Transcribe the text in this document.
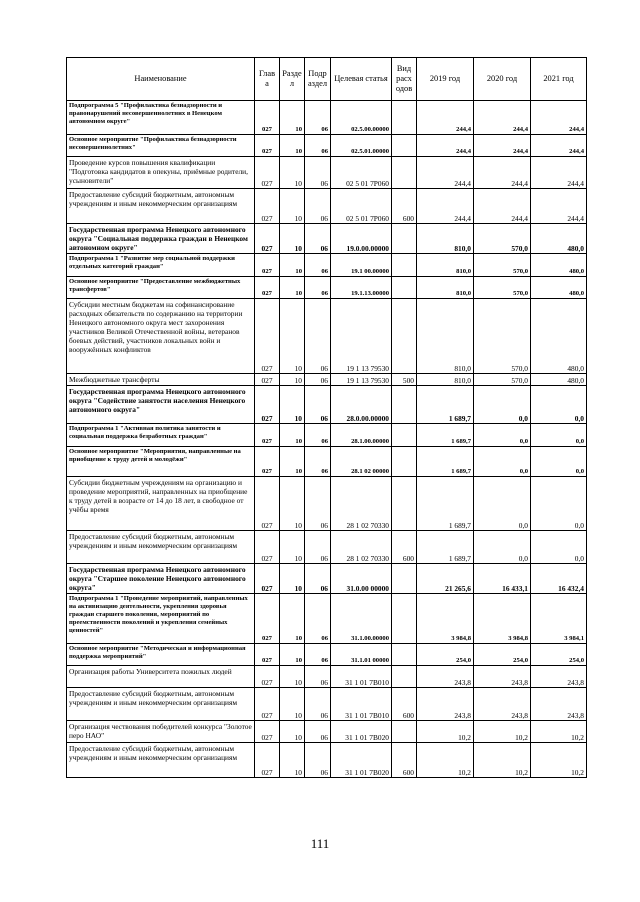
Наименование	Глав а	Разде л	Подр аздел	Целевая статья	Вид расх одов	2019 год	2020 год	2021 год
Подпрограмма 5 "Профилактика безнадзорности и правонарушений несовершеннолетних в Ненецком автономном округе"	027	10	06	02.5.00.00000		244,4	244,4	244,4
Основное мероприятие "Профилактика безнадзорности несовершеннолетних"	027	10	06	02.5.01.00000		244,4	244,4	244,4
Проведение курсов повышения квалификации "Подготовка кандидатов в опекуны, приёмные родители, усыновители"	027	10	06	02 5 01 7Р060		244,4	244,4	244,4
Предоставление субсидий бюджетным, автономным учреждениям и иным некоммерческим организациям	027	10	06	02 5 01 7Р060	600	244,4	244,4	244,4
Государственная программа Ненецкого автономного округа "Социальная поддержка граждан в Ненецком автономном округе"	027	10	06	19.0.00.00000		810,0	570,0	480,0
Подпрограмма 1 "Развитие мер социальной поддержки отдельных категорий граждан"	027	10	06	19.1 00.00000		810,0	570,0	480,0
Основное мероприятие "Предоставление межбюджетных трансфертов"	027	10	06	19.1.13.00000		810,0	570,0	480,0
Субсидии местным бюджетам на софинансирование расходных обязательств по содержанию на территории Ненецкого автономного округа мест захоронения участников Великой Отечественной войны, ветеранов боевых действий, участников локальных войн и вооружённых конфликтов	027	10	06	19 1 13 79530		810,0	570,0	480,0
Межбюджетные трансферты	027	10	06	19 1 13 79530	500	810,0	570,0	480,0
Государственная программа Ненецкого автономного округа "Содействие занятости населения Ненецкого автономного округа"	027	10	06	28.0.00.00000		1 689,7	0,0	0,0
Подпрограмма 1 "Активная политика занятости и социальная поддержка безработных граждан"	027	10	06	28.1.00.00000		1 689,7	0,0	0,0
Основное мероприятие "Мероприятия, направленные на приобщение к труду детей и молодёжи"	027	10	06	28.1 02 00000		1 689,7	0,0	0,0
Субсидии бюджетным учреждениям на организацию и проведение мероприятий, направленных на приобщение к труду детей в возрасте от 14 до 18 лет, в свободное от учёбы время	027	10	06	28 1 02 70330		1 689,7	0,0	0,0
Предоставление субсидий бюджетным, автономным учреждениям и иным некоммерческим организациям	027	10	06	28 1 02 70330	600	1 689,7	0,0	0,0
Государственная программа Ненецкого автономного округа "Старшее поколение Ненецкого автономного округа"	027	10	06	31.0.00 00000		21 265,6	16 433,1	16 432,4
Подпрограмма 1 "Проведение мероприятий, направленных на активизацию деятельности, укрепления здоровья граждан старшего поколения, мероприятий по преемственности поколений и укрепления семейных ценностей"	027	10	06	31.1.00.00000		3 984,8	3 984,8	3 984,1
Основное мероприятие "Методическая и информационная поддержка мероприятий"	027	10	06	31.1.01 00000		254,0	254,0	254,0
Организация работы Университета пожилых людей	027	10	06	31 1 01 7В010		243,8	243,8	243,8
Предоставление субсидий бюджетным, автономным учреждениям и иным некоммерческим организациям	027	10	06	31 1 01 7В010	600	243,8	243,8	243,8
Организация чествования победителей конкурса "Золотое перо НАО"	027	10	06	31 1 01 7В020		10,2	10,2	10,2
Предоставление субсидий бюджетным, автономным учреждениям и иным некоммерческим организациям	027	10	06	31 1 01 7В020	600	10,2	10,2	10,2
111
